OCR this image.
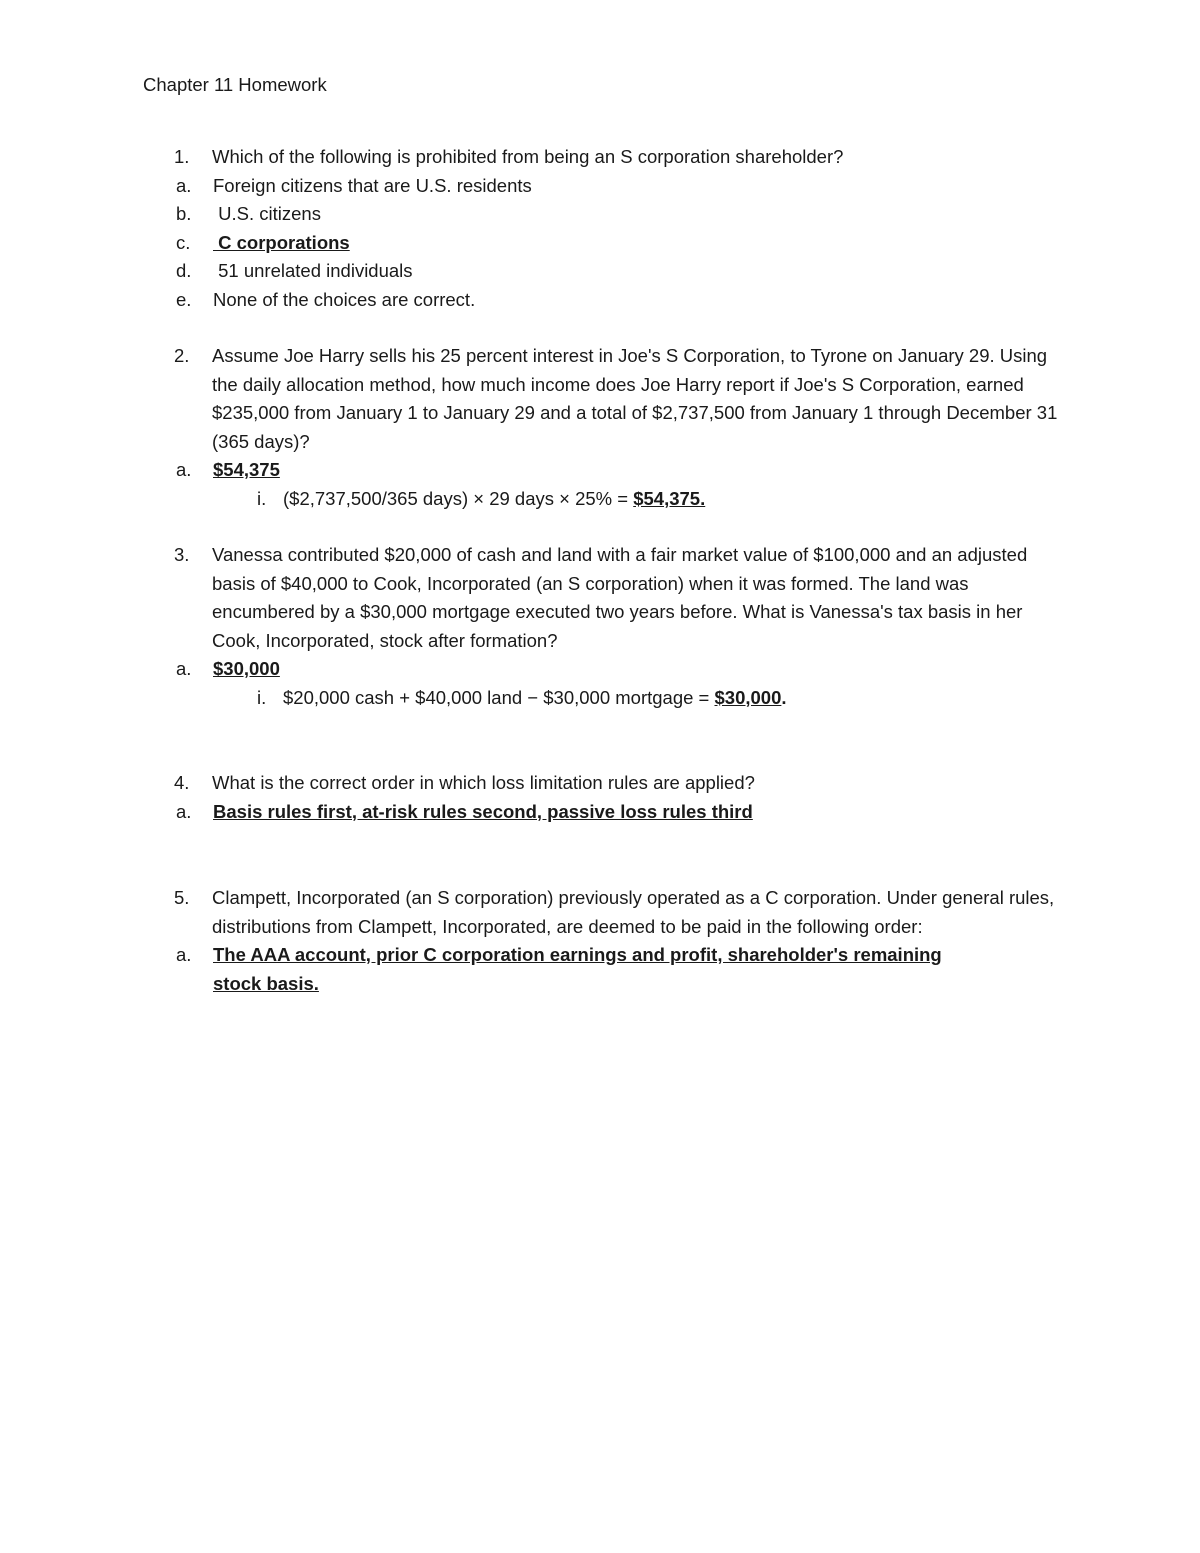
Chapter 11 Homework
1. Which of the following is prohibited from being an S corporation shareholder?
a. Foreign citizens that are U.S. residents
b. U.S. citizens
c. C corporations
d. 51 unrelated individuals
e. None of the choices are correct.
2. Assume Joe Harry sells his 25 percent interest in Joe's S Corporation, to Tyrone on January 29. Using the daily allocation method, how much income does Joe Harry report if Joe's S Corporation, earned $235,000 from January 1 to January 29 and a total of $2,737,500 from January 1 through December 31 (365 days)?
a. $54,375
i. ($2,737,500/365 days) × 29 days × 25% = $54,375.
3. Vanessa contributed $20,000 of cash and land with a fair market value of $100,000 and an adjusted basis of $40,000 to Cook, Incorporated (an S corporation) when it was formed. The land was encumbered by a $30,000 mortgage executed two years before. What is Vanessa's tax basis in her Cook, Incorporated, stock after formation?
a. $30,000
i. $20,000 cash + $40,000 land − $30,000 mortgage = $30,000.
4. What is the correct order in which loss limitation rules are applied?
a. Basis rules first, at-risk rules second, passive loss rules third
5. Clampett, Incorporated (an S corporation) previously operated as a C corporation. Under general rules, distributions from Clampett, Incorporated, are deemed to be paid in the following order:
a. The AAA account, prior C corporation earnings and profit, shareholder's remaining stock basis.
